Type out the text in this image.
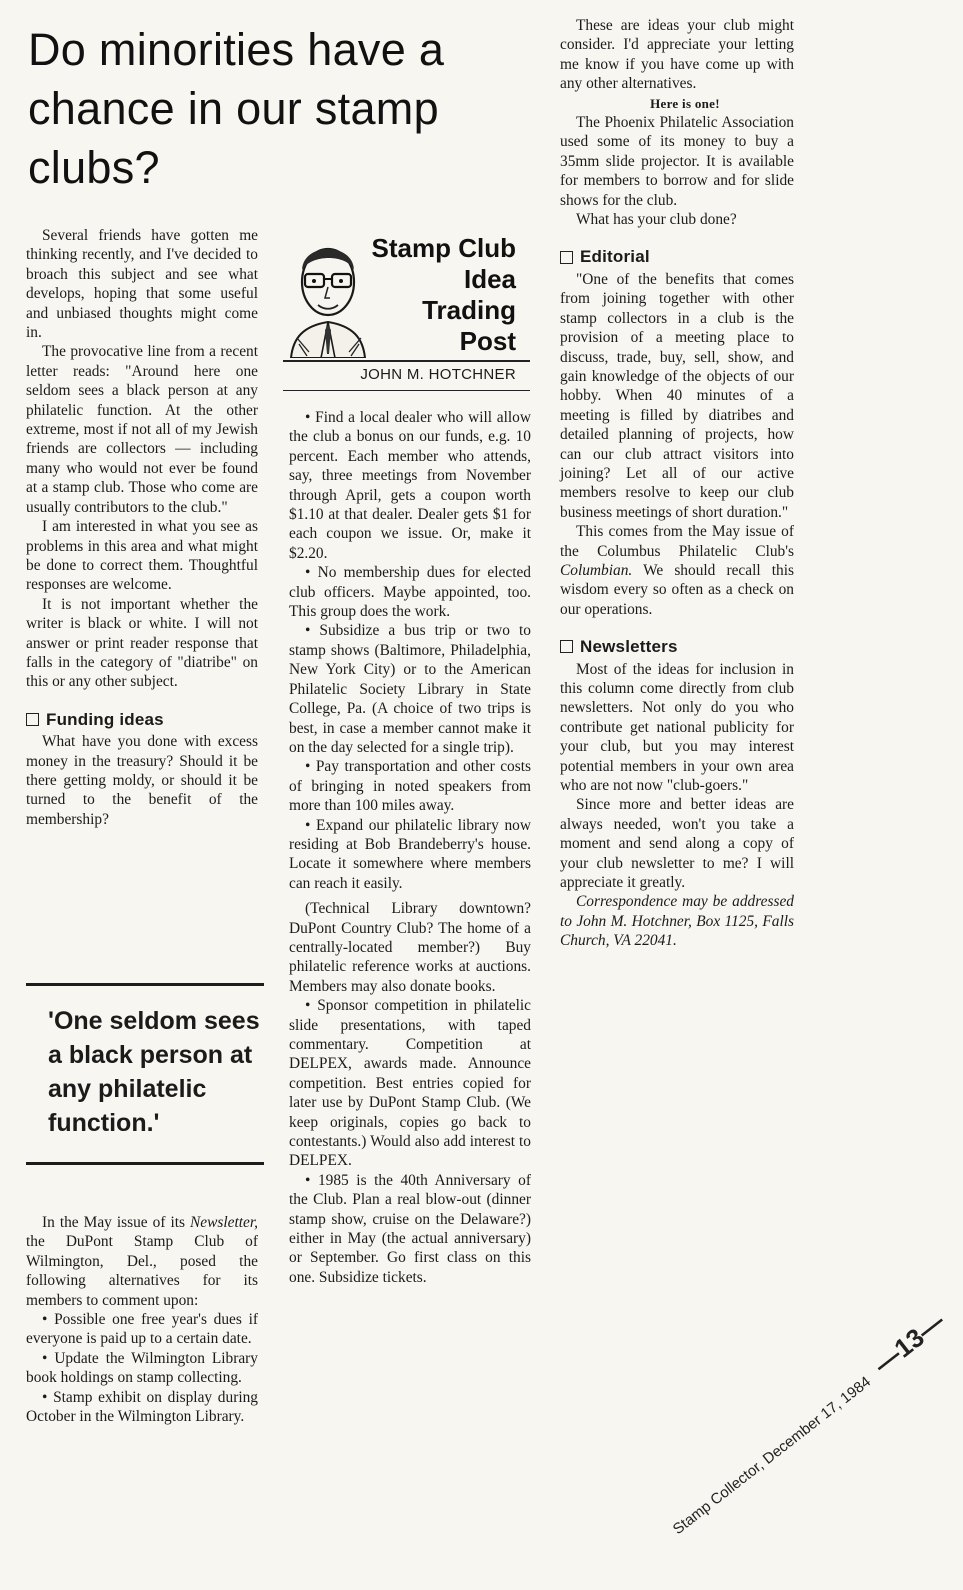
Do minorities have a chance in our stamp clubs?

Several friends have gotten me thinking recently, and I've decided to broach this subject and see what develops, hoping that some useful and unbiased thoughts might come in.

The provocative line from a recent letter reads: "Around here one seldom sees a black person at any philatelic function. At the other extreme, most if not all of my Jewish friends are collectors — including many who would not ever be found at a stamp club. Those who come are usually contributors to the club."

I am interested in what you see as problems in this area and what might be done to correct them. Thoughtful responses are welcome.

It is not important whether the writer is black or white. I will not answer or print reader response that falls in the category of "diatribe" on this or any other subject.

Funding ideas

What have you done with excess money in the treasury? Should it be there getting moldy, or should it be turned to the benefit of the membership?

'One seldom sees a black person at any philatelic function.'

In the May issue of its Newsletter, the DuPont Stamp Club of Wilmington, Del., posed the following alternatives for its members to comment upon:

• Possible one free year's dues if everyone is paid up to a certain date.

• Update the Wilmington Library book holdings on stamp collecting.

• Stamp exhibit on display during October in the Wilmington Library.

Stamp Club
Idea
Trading
Post

JOHN M. HOTCHNER

• Find a local dealer who will allow the club a bonus on our funds, e.g. 10 percent. Each member who attends, say, three meetings from November through April, gets a coupon worth $1.10 at that dealer. Dealer gets $1 for each coupon we issue. Or, make it $2.20.

• No membership dues for elected club officers. Maybe appointed, too. This group does the work.

• Subsidize a bus trip or two to stamp shows (Baltimore, Philadelphia, New York City) or to the American Philatelic Society Library in State College, Pa. (A choice of two trips is best, in case a member cannot make it on the day selected for a single trip).

• Pay transportation and other costs of bringing in noted speakers from more than 100 miles away.

• Expand our philatelic library now residing at Bob Brandeberry's house. Locate it somewhere where members can reach it easily.

(Technical Library downtown? DuPont Country Club? The home of a centrally-located member?) Buy philatelic reference works at auctions. Members may also donate books.

• Sponsor competition in philatelic slide presentations, with taped commentary. Competition at DELPEX, awards made. Announce competition. Best entries copied for later use by DuPont Stamp Club. (We keep originals, copies go back to contestants.) Would also add interest to DELPEX.

• 1985 is the 40th Anniversary of the Club. Plan a real blow-out (dinner stamp show, cruise on the Delaware?) either in May (the actual anniversary) or September. Go first class on this one. Subsidize tickets.

These are ideas your club might consider. I'd appreciate your letting me know if you have come up with any other alternatives.

Here is one!

The Phoenix Philatelic Association used some of its money to buy a 35mm slide projector. It is available for members to borrow and for slide shows for the club.

What has your club done?

Editorial

"One of the benefits that comes from joining together with other stamp collectors in a club is the provision of a meeting place to discuss, trade, buy, sell, show, and gain knowledge of the objects of our hobby. When 40 minutes of a meeting is filled by diatribes and detailed planning of projects, how can our club attract visitors into joining? Let all of our active members resolve to keep our club business meetings of short duration."

This comes from the May issue of the Columbus Philatelic Club's Columbian. We should recall this wisdom every so often as a check on our operations.

Newsletters

Most of the ideas for inclusion in this column come directly from club newsletters. Not only do you who contribute get national publicity for your club, but you may interest potential members in your own area who are not now "club-goers."

Since more and better ideas are always needed, won't you take a moment and send along a copy of your club newsletter to me? I will appreciate it greatly.

Correspondence may be addressed to John M. Hotchner, Box 1125, Falls Church, VA 22041.

Stamp Collector, December 17, 1984 —13—
